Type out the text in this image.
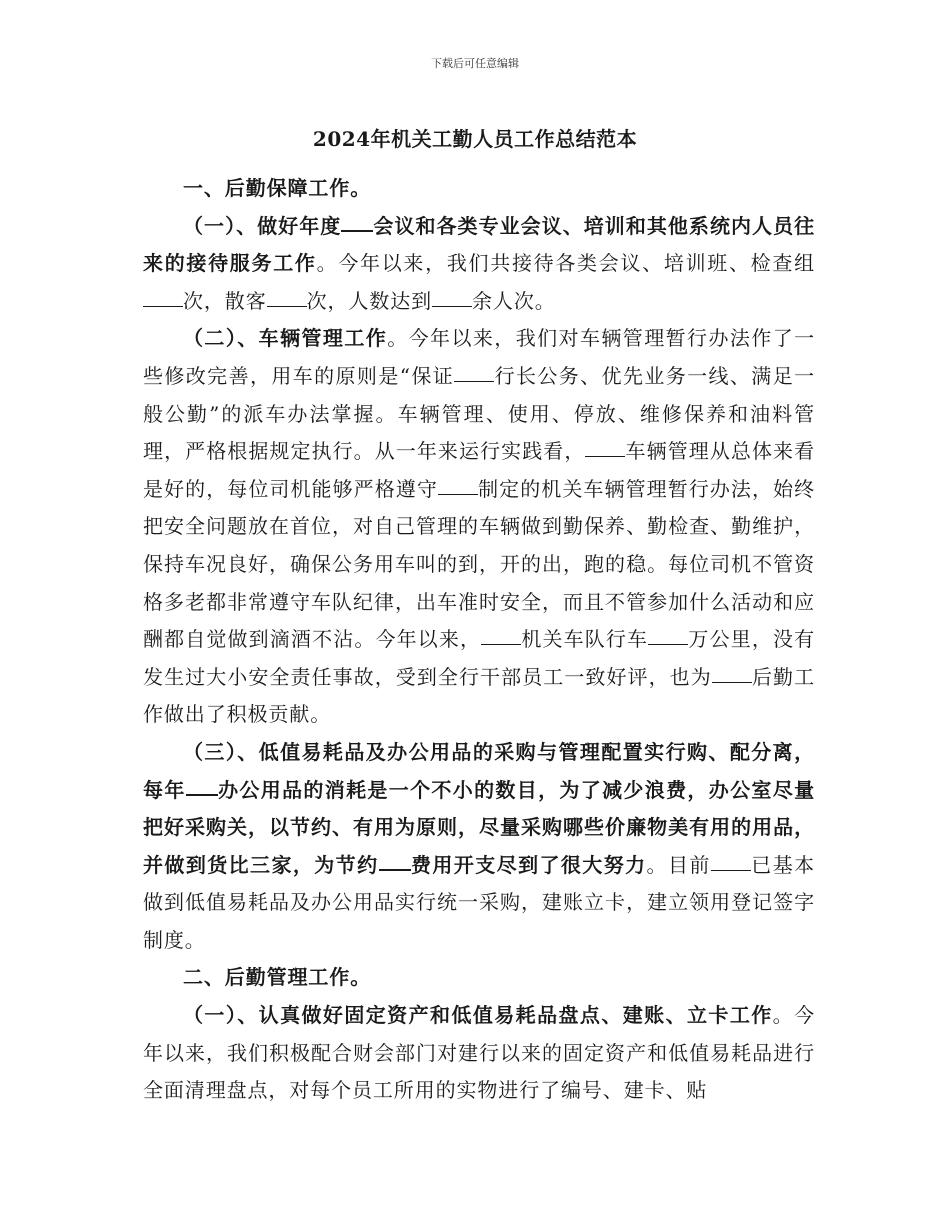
下载后可任意编辑
2024年机关工勤人员工作总结范本

一、后勤保障工作。

（一）、做好年度 会议和各类专业会议、培训和其他系统内人员往来的接待服务工作。今年以来，我们共接待各类会议、培训班、检查组次，散客 次，人数达到 余人次。

（二）、车辆管理工作。今年以来，我们对车辆管理暂行办法作了一些修改完善，用车的原则是“保证 行长公务、优先业务一线、满足一般公勤”的派车办法掌握。车辆管理、使用、停放、维修保养和油料管理，严格根据规定执行。从一年来运行实践看， 车辆管理从总体来看是好的，每位司机能够严格遵守 制定的机关车辆管理暂行办法，始终把安全问题放在首位，对自己管理的车辆做到勤保养、勤检查、勤维护，保持车况良好，确保公务用车叫的到，开的出，跑的稳。每位司机不管资格多老都非常遵守车队纪律，出车准时安全，而且不管参加什么活动和应酬都自觉做到滴酒不沾。今年以来， 机关车队行车 万公里，没有发生过大小安全责任事故，受到全行干部员工一致好评，也为 后勤工作做出了积极贡献。

（三）、低值易耗品及办公用品的采购与管理配置实行购、配分离，每年 办公用品的消耗是一个不小的数目，为了减少浪费，办公室尽量把好采购关，以节约、有用为原则，尽量采购哪些价廉物美有用的用品，并做到货比三家，为节约 费用开支尽到了很大努力。目前 已基本做到低值易耗品及办公用品实行统一采购，建账立卡，建立领用登记签字制度。

二、后勤管理工作。

（一）、认真做好固定资产和低值易耗品盘点、建账、立卡工作。今年以来，我们积极配合财会部门对建行以来的固定资产和低值易耗品进行全面清理盘点，对每个员工所用的实物进行了编号、建卡、贴
